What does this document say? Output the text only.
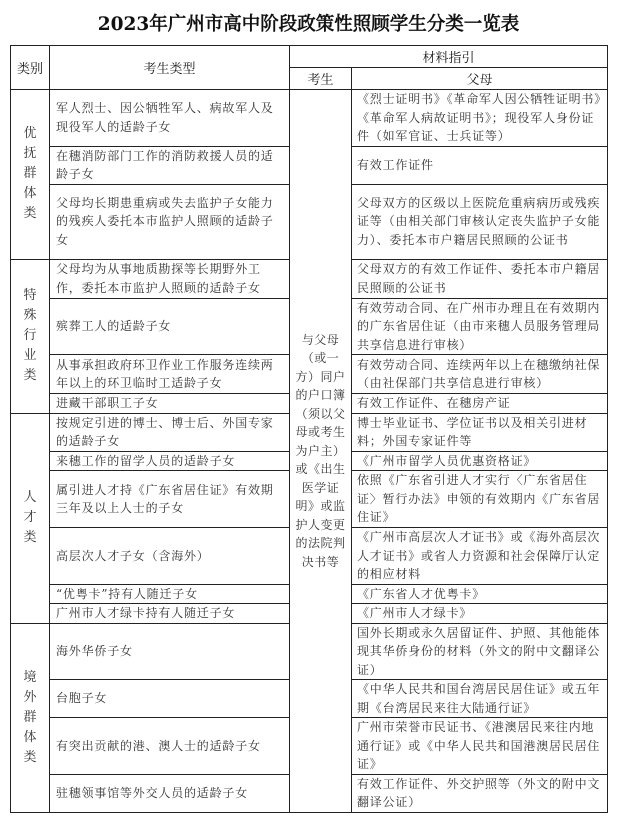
2023年广州市高中阶段政策性照顾学生分类一览表
类别	考生类型	材料指引	
		考生	父母

优抚群体类	军人烈士、因公牺牲军人、病故军人及现役军人的适龄子女	与父母（或一方）同户的户口簿（须以父母或考生为户主）或《出生医学证明》或监护人变更的法院判决书等	《烈士证明书》《革命军人因公牺牲证明书》《革命军人病故证明书》；现役军人身份证件（如军官证、士兵证等）
	在穗消防部门工作的消防救援人员的适龄子女		有效工作证件
	父母均长期患重病或失去监护子女能力的残疾人委托本市监护人照顾的适龄子女		父母双方的区级以上医院危重病病历或残疾证等（由相关部门审核认定丧失监护子女能力）、委托本市户籍居民照顾的公证书

特殊行业类	父母均为从事地质勘探等长期野外工作，委托本市监护人照顾的适龄子女		父母双方的有效工作证件、委托本市户籍居民照顾的公证书
	殡葬工人的适龄子女		有效劳动合同、在广州市办理且在有效期内的广东省居住证（由市来穗人员服务管理局共享信息进行审核）
	从事承担政府环卫作业工作服务连续两年以上的环卫临时工适龄子女		有效劳动合同、连续两年以上在穗缴纳社保（由社保部门共享信息进行审核）
	进藏干部职工子女		有效工作证件、在穗房产证

人才类	按规定引进的博士、博士后、外国专家的适龄子女		博士毕业证书、学位证书以及相关引进材料；外国专家证件等
	来穗工作的留学人员的适龄子女		《广州市留学人员优惠资格证》
	属引进人才持《广东省居住证》有效期三年及以上人士的子女		依照《广东省引进人才实行〈广东省居住证〉暂行办法》申领的有效期内《广东省居住证》
	高层次人才子女（含海外）		《广州市高层次人才证书》或《海外高层次人才证书》或省人力资源和社会保障厅认定的相应材料
	“优粤卡”持有人随迁子女		《广东省人才优粤卡》
	广州市人才绿卡持有人随迁子女		《广州市人才绿卡》

境外群体类	海外华侨子女		国外长期或永久居留证件、护照、其他能体现其华侨身份的材料（外文的附中文翻译公证）
	台胞子女		《中华人民共和国台湾居民居住证》或五年期《台湾居民来往大陆通行证》
	有突出贡献的港、澳人士的适龄子女		广州市荣誉市民证书、《港澳居民来往内地通行证》或《中华人民共和国港澳居民居住证》
	驻穗领事馆等外交人员的适龄子女		有效工作证件、外交护照等（外文的附中文翻译公证）
